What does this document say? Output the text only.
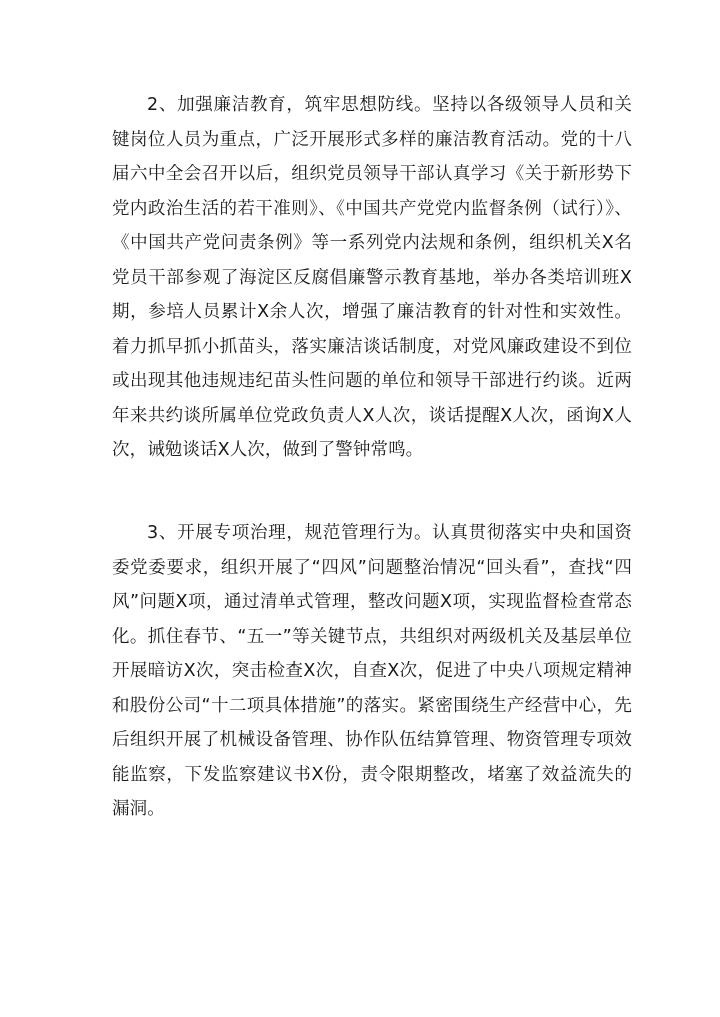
2、加强廉洁教育，筑牢思想防线。坚持以各级领导人员和关键岗位人员为重点，广泛开展形式多样的廉洁教育活动。党的十八届六中全会召开以后，组织党员领导干部认真学习《关于新形势下党内政治生活的若干准则》、《中国共产党党内监督条例（试行）》、《中国共产党问责条例》等一系列党内法规和条例，组织机关X名党员干部参观了海淀区反腐倡廉警示教育基地，举办各类培训班X期，参培人员累计X余人次，增强了廉洁教育的针对性和实效性。着力抓早抓小抓苗头，落实廉洁谈话制度，对党风廉政建设不到位或出现其他违规违纪苗头性问题的单位和领导干部进行约谈。近两年来共约谈所属单位党政负责人X人次，谈话提醒X人次，函询X人次，诫勉谈话X人次，做到了警钟常鸣。

3、开展专项治理，规范管理行为。认真贯彻落实中央和国资委党委要求，组织开展了“四风”问题整治情况“回头看”，查找“四风”问题X项，通过清单式管理，整改问题X项，实现监督检查常态化。抓住春节、“五一”等关键节点，共组织对两级机关及基层单位开展暗访X次，突击检查X次，自查X次，促进了中央八项规定精神和股份公司“十二项具体措施”的落实。紧密围绕生产经营中心，先后组织开展了机械设备管理、协作队伍结算管理、物资管理专项效能监察，下发监察建议书X份，责令限期整改，堵塞了效益流失的漏洞。
